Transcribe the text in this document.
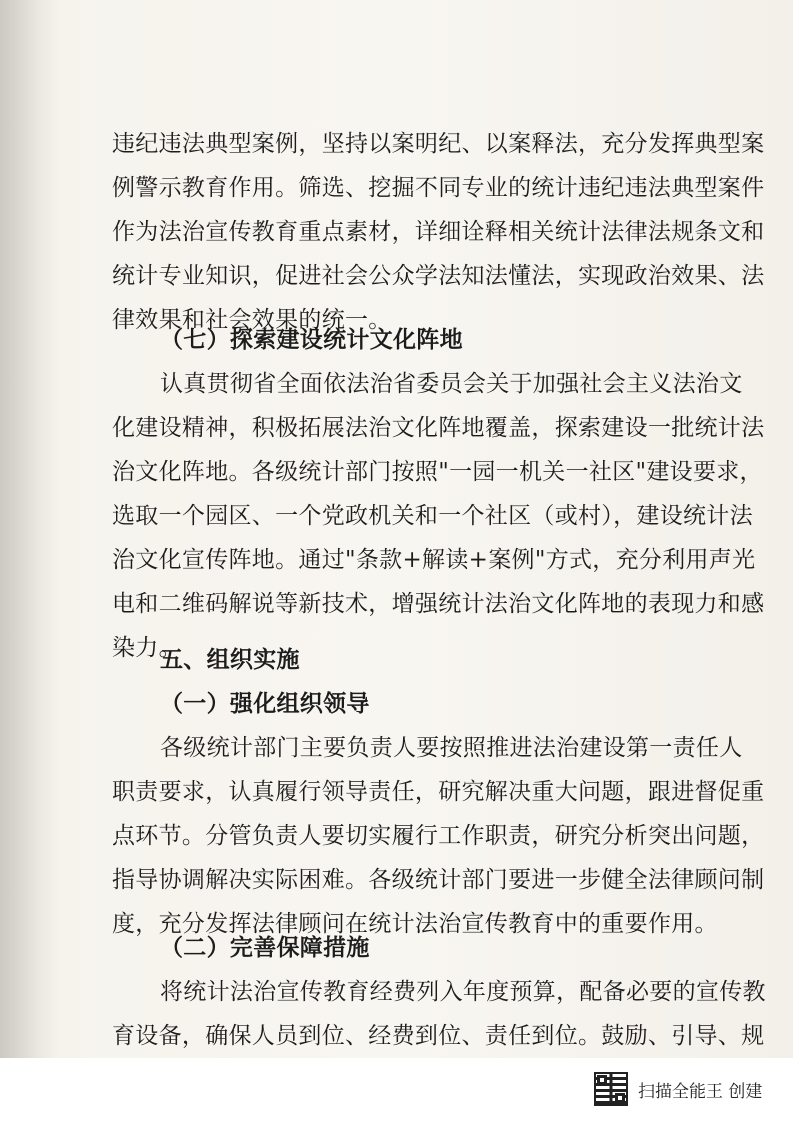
违纪违法典型案例，坚持以案明纪、以案释法，充分发挥典型案
例警示教育作用。筛选、挖掘不同专业的统计违纪违法典型案件
作为法治宣传教育重点素材，详细诠释相关统计法律法规条文和
统计专业知识，促进社会公众学法知法懂法，实现政治效果、法
律效果和社会效果的统一。
（七）探索建设统计文化阵地
认真贯彻省全面依法治省委员会关于加强社会主义法治文
化建设精神，积极拓展法治文化阵地覆盖，探索建设一批统计法
治文化阵地。各级统计部门按照"一园一机关一社区"建设要求，
选取一个园区、一个党政机关和一个社区（或村），建设统计法
治文化宣传阵地。通过"条款+解读+案例"方式，充分利用声光
电和二维码解说等新技术，增强统计法治文化阵地的表现力和感
染力。
五、组织实施
（一）强化组织领导
各级统计部门主要负责人要按照推进法治建设第一责任人
职责要求，认真履行领导责任，研究解决重大问题，跟进督促重
点环节。分管负责人要切实履行工作职责，研究分析突出问题，
指导协调解决实际困难。各级统计部门要进一步健全法律顾问制
度，充分发挥法律顾问在统计法治宣传教育中的重要作用。
（二）完善保障措施
将统计法治宣传教育经费列入年度预算，配备必要的宣传教
育设备，确保人员到位、经费到位、责任到位。鼓励、引导、规
扫描全能王 创建
